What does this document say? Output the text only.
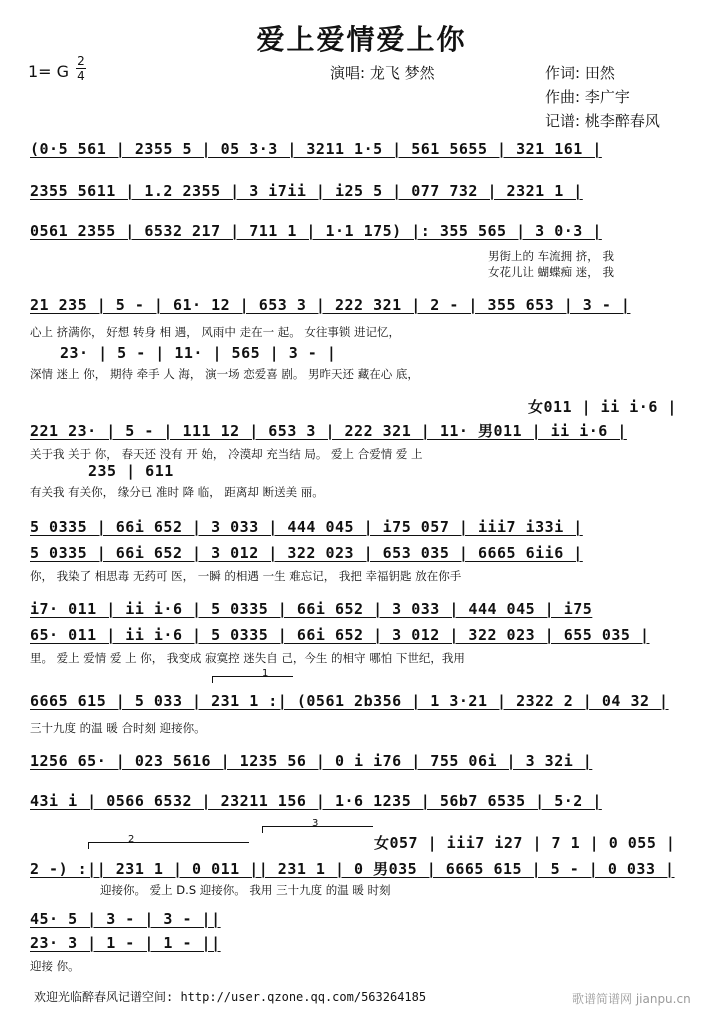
爱上爱情爱上你
1= G
2
4	演唱: 龙飞 梦然	作词: 田然
作曲: 李广宇
记谱: 桃李醉春风
(0·5 561 | 2355 5 | 05 3·3 | 3211 1·5 | 561 5655 | 321 161 |
2355 5611 | 1.2 2355 | 3 i7ii | i25 5 | 077 732 | 2321 1 |
0561 2355 | 6532 217 | 711 1 | 1·1 175) |: 355 565 | 3 0·3 |
男街上的 车流拥 挤， 我
女花儿让 蝴蝶痴 迷， 我
21 235 | 5 - | 61· 12 | 653 3 | 222 321 | 2 - | 355 653 | 3 - |
心上 挤满你， 好想 转身 相 遇， 风雨中 走在一 起。 女往事锁 进记忆，
23· | 5 - | 11· | 565 | 3 - |
深情 迷上 你， 期待 牵手 人 海， 演一场 恋爱喜 剧。 男昨天还 藏在心 底，
女011 | ii i·6 |
221 23· | 5 - | 111 12 | 653 3 | 222 321 | 11· 男011 | ii i·6 |
关于我 关于 你， 春天还 没有 开 始， 冷漠却 充当结 局。 爱上 合爱情 爱 上
235 | 611
有关我 有关你， 缘分已 准时 降 临， 距离却 断送美 丽。
5 0335 | 66i 652 | 3 033 | 444 045 | i75 057 | iii7 i33i |
5 0335 | 66i 652 | 3 012 | 322 023 | 653 035 | 6665 6ii6 |
你， 我染了 相思毒 无药可 医， 一瞬 的相遇 一生 难忘记， 我把 幸福钥匙 放在你手
i7· 011 | ii i·6 | 5 0335 | 66i 652 | 3 033 | 444 045 | i75
65· 011 | ii i·6 | 5 0335 | 66i 652 | 3 012 | 322 023 | 655 035 |
里。 爱上 爱情 爱 上 你， 我变成 寂寞控 迷失自 己，今生 的相守 哪怕 下世纪，我用
1
6665 615 | 5 033 | 231 1 :| (0561 2b356 | 1 3·21 | 2322 2 | 04 32 |
三十九度 的温 暖 合时刻 迎接你。
1256 65· | 023 5616 | 1235 56 | 0 i i76 | 755 06i | 3 32i |
43i i | 0566 6532 | 23211 156 | 1·6 1235 | 56b7 6535 | 5·2 |
2
3
女057 | iii7 i27 | 7 1 | 0 055 |
2 -) :|| 231 1 | 0 011 || 231 1 | 0 男035 | 6665 615 | 5 - | 0 033 |
迎接你。 爱上 D.S 迎接你。 我用 三十九度 的温 暖 时刻
45· 5 | 3 - | 3 - ||
23· 3 | 1 - | 1 - ||
迎接 你。
欢迎光临醉春风记谱空间: http://user.qzone.qq.com/563264185	歌谱简谱网 jianpu.cn
